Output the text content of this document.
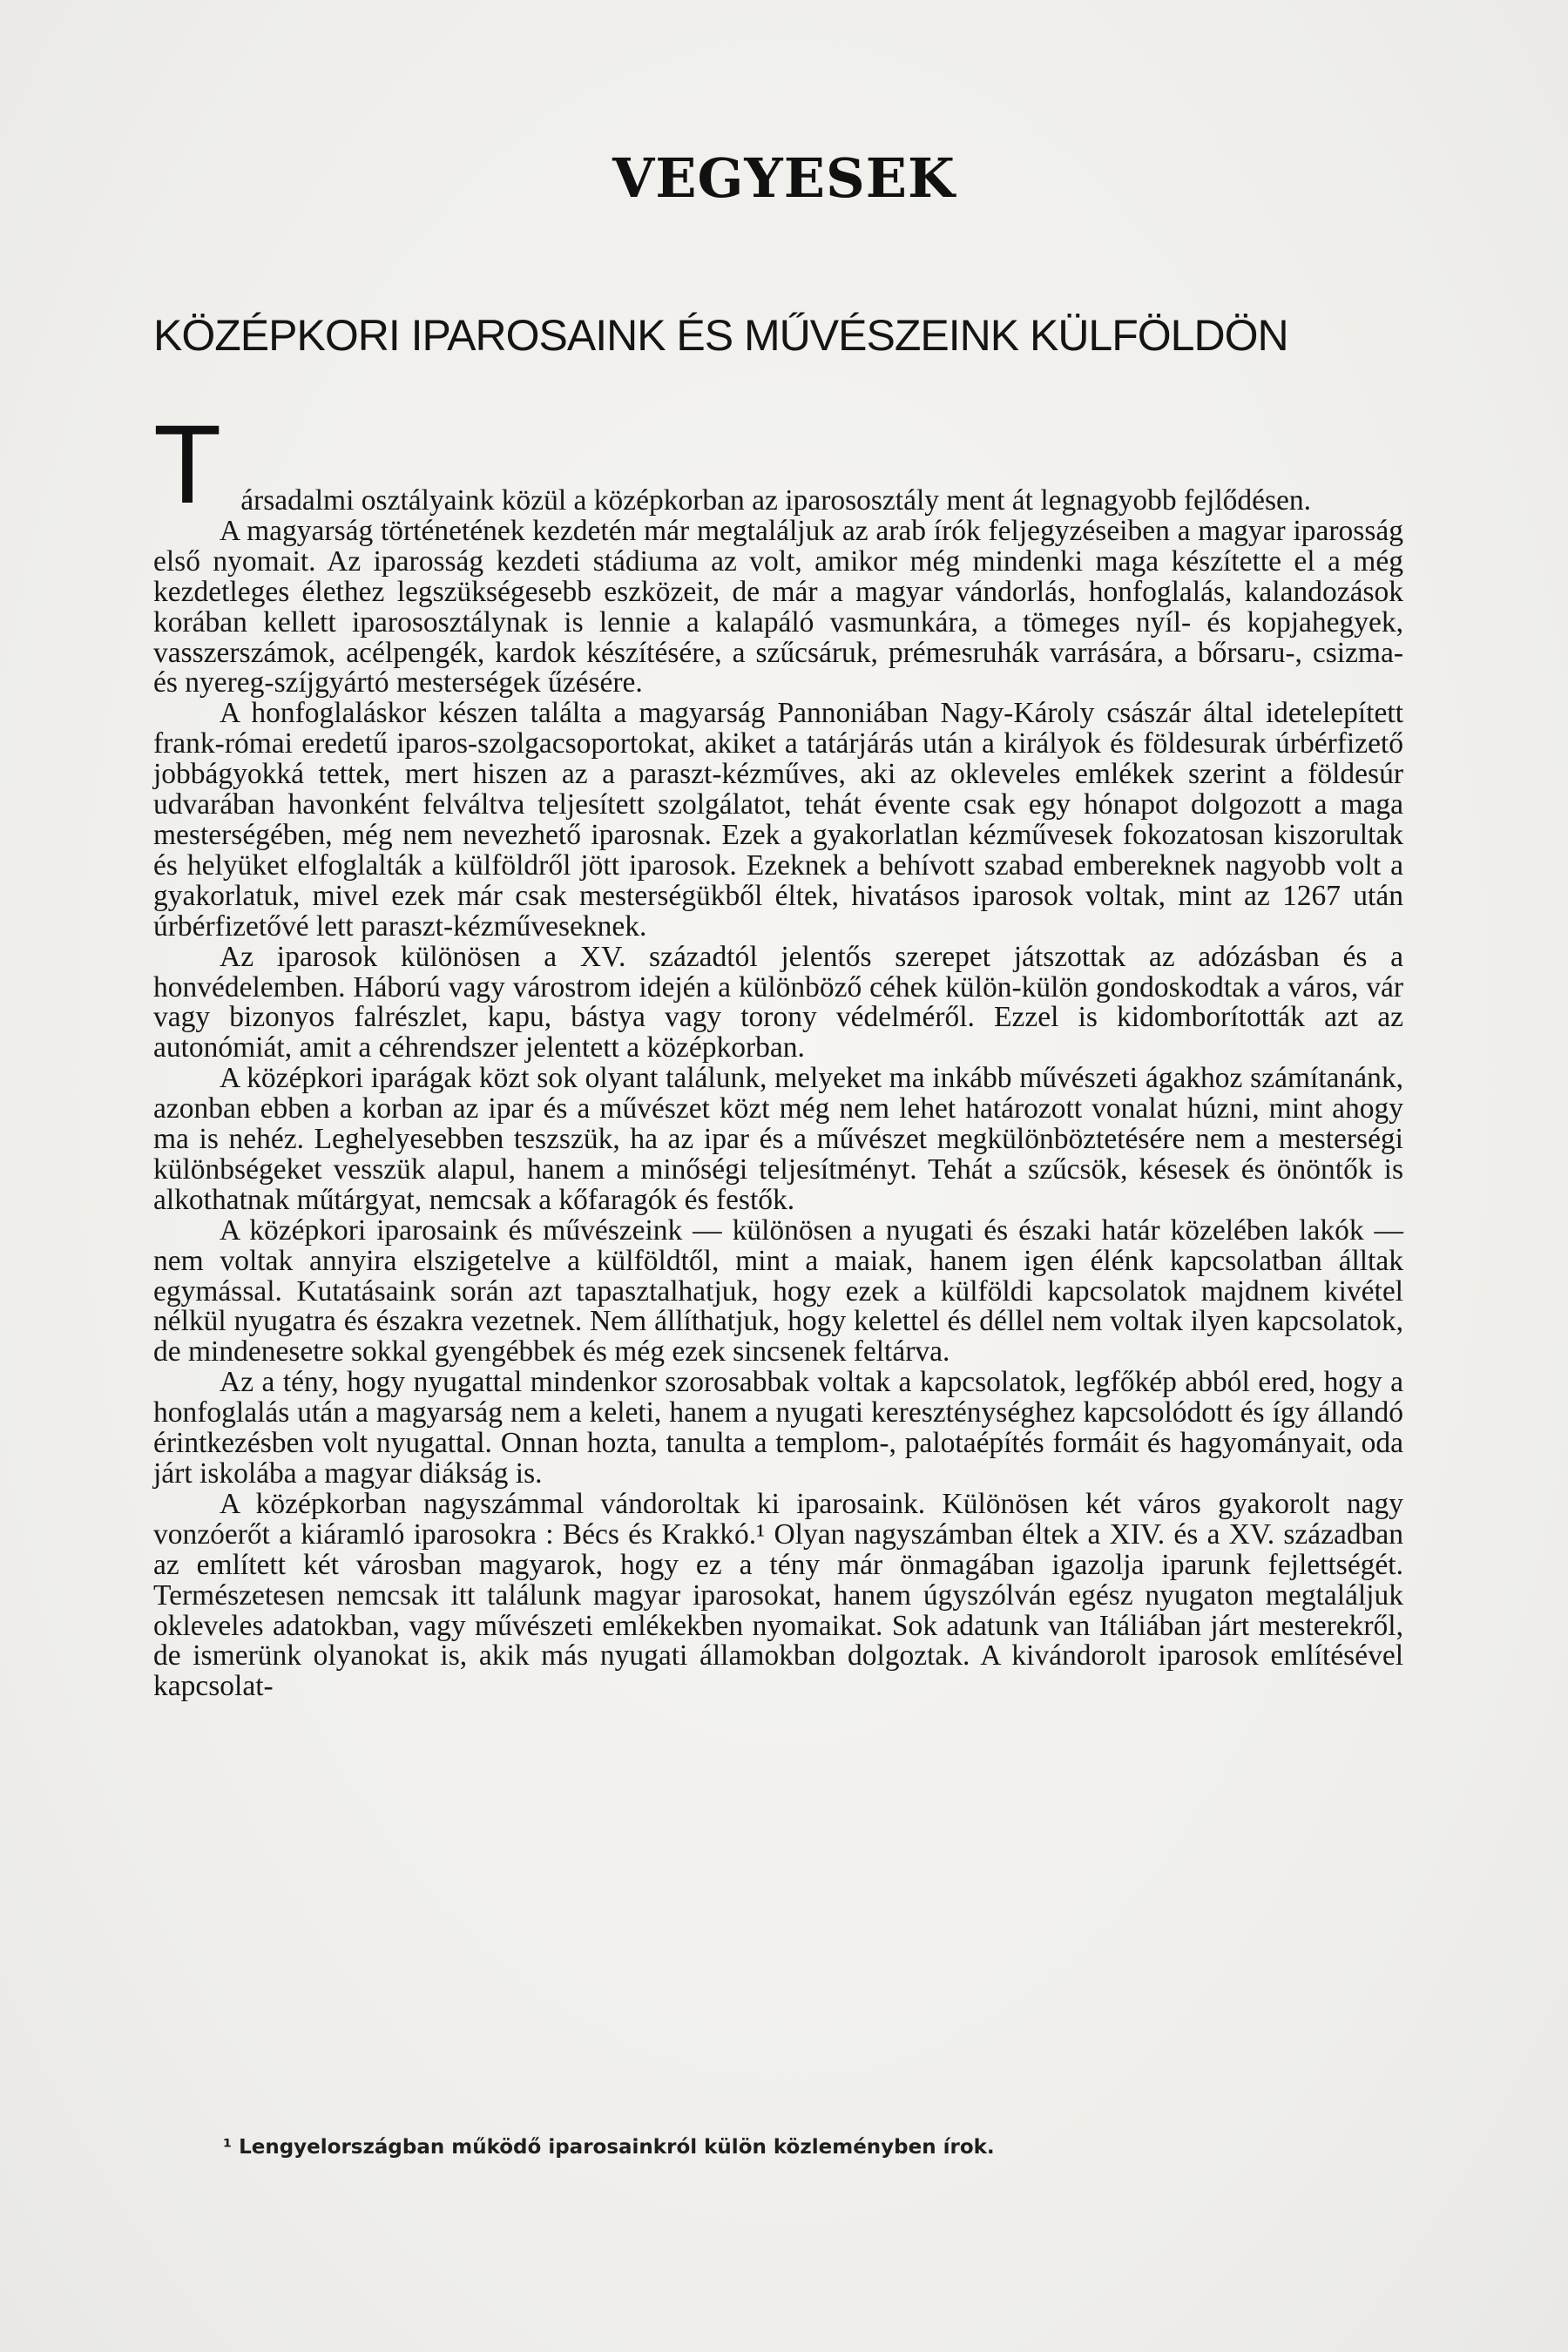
VEGYESEK
KÖZÉPKORI IPAROSAINK ÉS MŰVÉSZEINK KÜLFÖLDÖN

Társadalmi osztályaink közül a középkorban az iparososztály ment át legnagyobb fejlődésen.

A magyarság történetének kezdetén már megtaláljuk az arab írók feljegyzéseiben a magyar iparosság első nyomait. Az iparosság kezdeti stádiuma az volt, amikor még mindenki maga készítette el a még kezdetleges élethez legszükségesebb eszközeit, de már a magyar vándorlás, honfoglalás, kalandozások korában kellett iparososztálynak is lennie a kalapáló vasmunkára, a tömeges nyíl- és kopjahegyek, vasszerszámok, acélpengék, kardok készítésére, a szűcsáruk, prémesruhák varrására, a bőrsaru-, csizma- és nyereg-szíjgyártó mesterségek űzésére.

A honfoglaláskor készen találta a magyarság Pannoniában Nagy-Károly császár által idetelepített frank-római eredetű iparos-szolgacsoportokat, akiket a tatárjárás után a királyok és földesurak úrbérfizető jobbágyokká tettek, mert hiszen az a paraszt-kézműves, aki az okleveles emlékek szerint a földesúr udvarában havonként felváltva teljesített szolgálatot, tehát évente csak egy hónapot dolgozott a maga mesterségében, még nem nevezhető iparosnak. Ezek a gyakorlatlan kézművesek fokozatosan kiszorultak és helyüket elfoglalták a külföldről jött iparosok. Ezeknek a behívott szabad embereknek nagyobb volt a gyakorlatuk, mivel ezek már csak mesterségükből éltek, hivatásos iparosok voltak, mint az 1267 után úrbérfizetővé lett paraszt-kézműveseknek.

Az iparosok különösen a XV. századtól jelentős szerepet játszottak az adózásban és a honvédelemben. Háború vagy várostrom idején a különböző céhek külön-külön gondoskodtak a város, vár vagy bizonyos falrészlet, kapu, bástya vagy torony védelméről. Ezzel is kidomborították azt az autonómiát, amit a céhrendszer jelentett a középkorban.

A középkori iparágak közt sok olyant találunk, melyeket ma inkább művészeti ágakhoz számítanánk, azonban ebben a korban az ipar és a művészet közt még nem lehet határozott vonalat húzni, mint ahogy ma is nehéz. Leghelyesebben teszszük, ha az ipar és a művészet megkülönböztetésére nem a mesterségi különbségeket vesszük alapul, hanem a minőségi teljesítményt. Tehát a szűcsök, késesek és önöntők is alkothatnak műtárgyat, nemcsak a kőfaragók és festők.

A középkori iparosaink és művészeink — különösen a nyugati és északi határ közelében lakók — nem voltak annyira elszigetelve a külföldtől, mint a maiak, hanem igen élénk kapcsolatban álltak egymással. Kutatásaink során azt tapasztalhatjuk, hogy ezek a külföldi kapcsolatok majdnem kivétel nélkül nyugatra és északra vezetnek. Nem állíthatjuk, hogy kelettel és déllel nem voltak ilyen kapcsolatok, de mindenesetre sokkal gyengébbek és még ezek sincsenek feltárva.

Az a tény, hogy nyugattal mindenkor szorosabbak voltak a kapcsolatok, legfőkép abból ered, hogy a honfoglalás után a magyarság nem a keleti, hanem a nyugati kereszténységhez kapcsolódott és így állandó érintkezésben volt nyugattal. Onnan hozta, tanulta a templom-, palotaépítés formáit és hagyományait, oda járt iskolába a magyar diákság is.

A középkorban nagyszámmal vándoroltak ki iparosaink. Különösen két város gyakorolt nagy vonzóerőt a kiáramló iparosokra : Bécs és Krakkó.¹ Olyan nagyszámban éltek a XIV. és a XV. században az említett két városban magyarok, hogy ez a tény már önmagában igazolja iparunk fejlettségét. Természetesen nemcsak itt találunk magyar iparosokat, hanem úgyszólván egész nyugaton megtaláljuk okleveles adatokban, vagy művészeti emlékekben nyomaikat. Sok adatunk van Itáliában járt mesterekről, de ismerünk olyanokat is, akik más nyugati államokban dolgoztak. A kivándorolt iparosok említésével kapcsolat-

¹ Lengyelországban működő iparosainkról külön közleményben írok.
